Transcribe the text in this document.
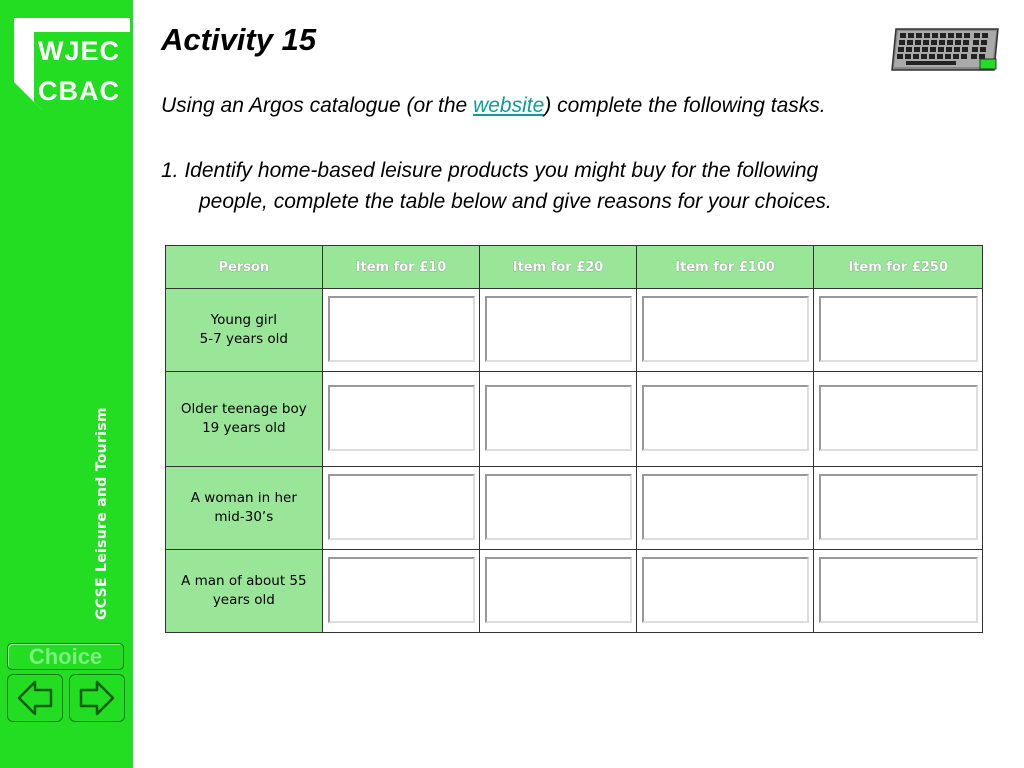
WJEC
CBAC
GCSE Leisure and Tourism
Choice
Activity 15
Using an Argos catalogue (or the website) complete the following tasks.
1. Identify home-based leisure products you might buy for the following
people, complete the table below and give reasons for your choices.
Person	Item for £10	Item for £20	Item for £100	Item for £250
Young girl
5-7 years old	

Older teenage boy
19 years old	

A woman in her
mid-30’s	

A man of about 55
years old	
